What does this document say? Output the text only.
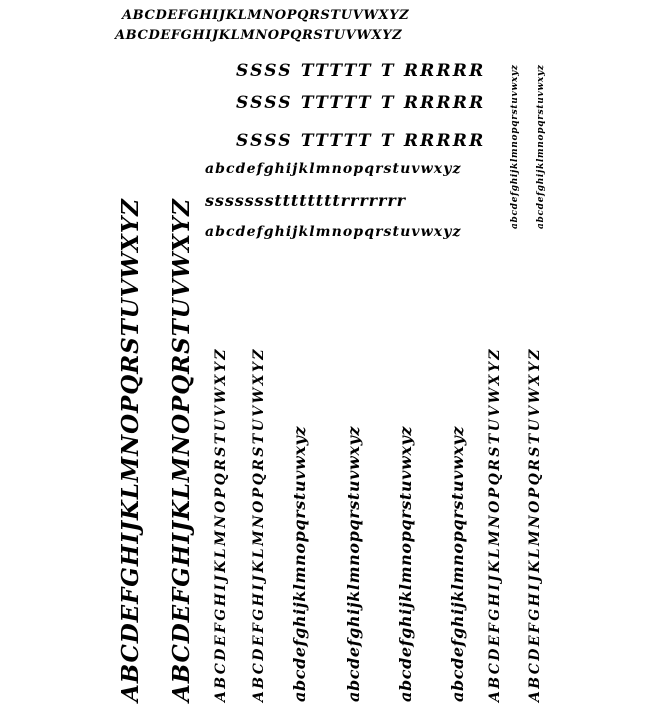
ABCDEFGHIJKLMNOPQRSTUVWXYZ
ABCDEFGHIJKLMNOPQRSTUVWXYZ
SSSS TTTTT T RRRRR
SSSS TTTTT T RRRRR
SSSS TTTTT T RRRRR
abcdefghijklmnopqrstuvwxyz
sssssssttttttttrrrrrrr
abcdefghijklmnopqrstuvwxyz
abcdefghijklmnopqrstuvwxyz abcdefghijklmnopqrstuvwxyz
ABCDEFGHIJKLMNOPQRSTUVWXYZ ABCDEFGHIJKLMNOPQRSTUVWXYZ ABCDEFGHIJKLMNOPQRSTUVWXYZ ABCDEFGHIJKLMNOPQRSTUVWXYZ abcdefghijklmnopqrstuvwxyz abcdefghijklmnopqrstuvwxyz abcdefghijklmnopqrstuvwxyz abcdefghijklmnopqrstuvwxyz ABCDEFGHIJKLMNOPQRSTUVWXYZ ABCDEFGHIJKLMNOPQRSTUVWXYZ
